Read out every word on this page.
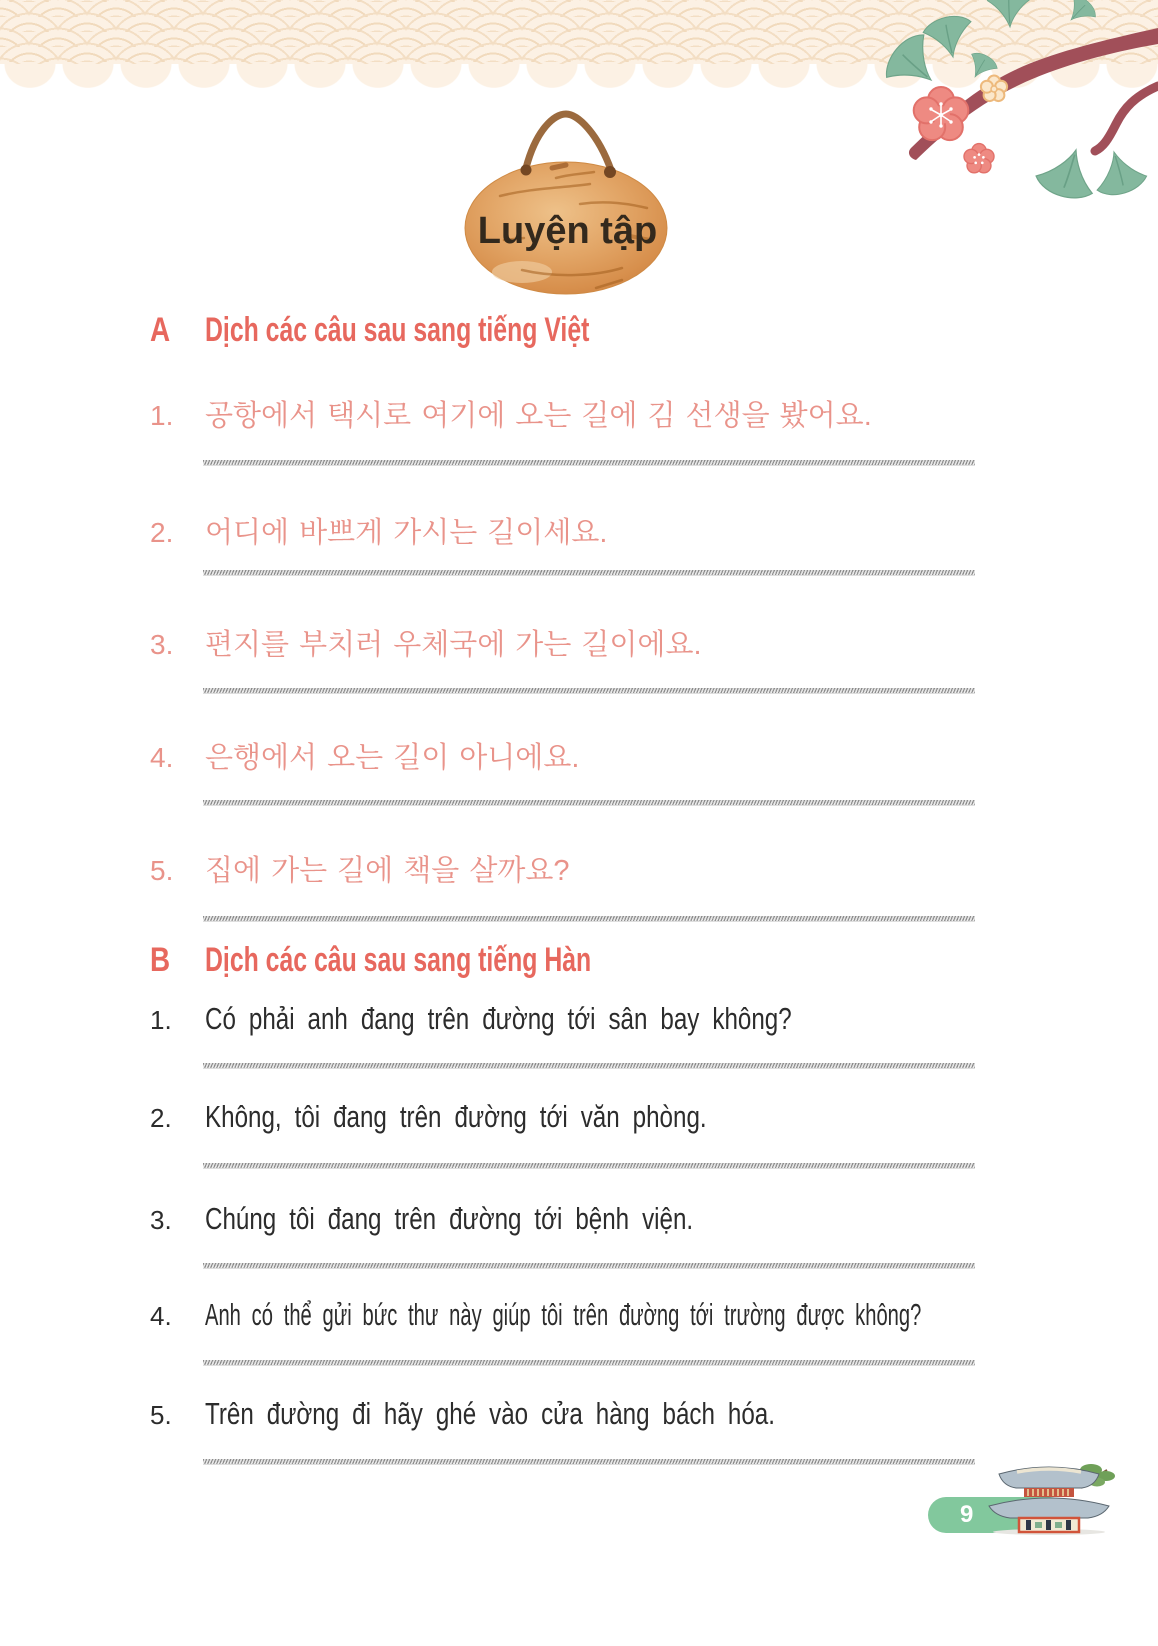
Luyện tập
A	Dịch các câu sau sang tiếng Việt
1.	공항에서 택시로 여기에 오는 길에 김 선생을 봤어요.
2.	어디에 바쁘게 가시는 길이세요.
3.	편지를 부치러 우체국에 가는 길이에요.
4.	은행에서 오는 길이 아니에요.
5.	집에 가는 길에 책을 살까요?
B	Dịch các câu sau sang tiếng Hàn
1.	Có phải anh đang trên đường tới sân bay không?
2.	Không, tôi đang trên đường tới văn phòng.
3.	Chúng tôi đang trên đường tới bệnh viện.
4.	Anh có thể gửi bức thư này giúp tôi trên đường tới trường được không?
5.	Trên đường đi hãy ghé vào cửa hàng bách hóa.
9
